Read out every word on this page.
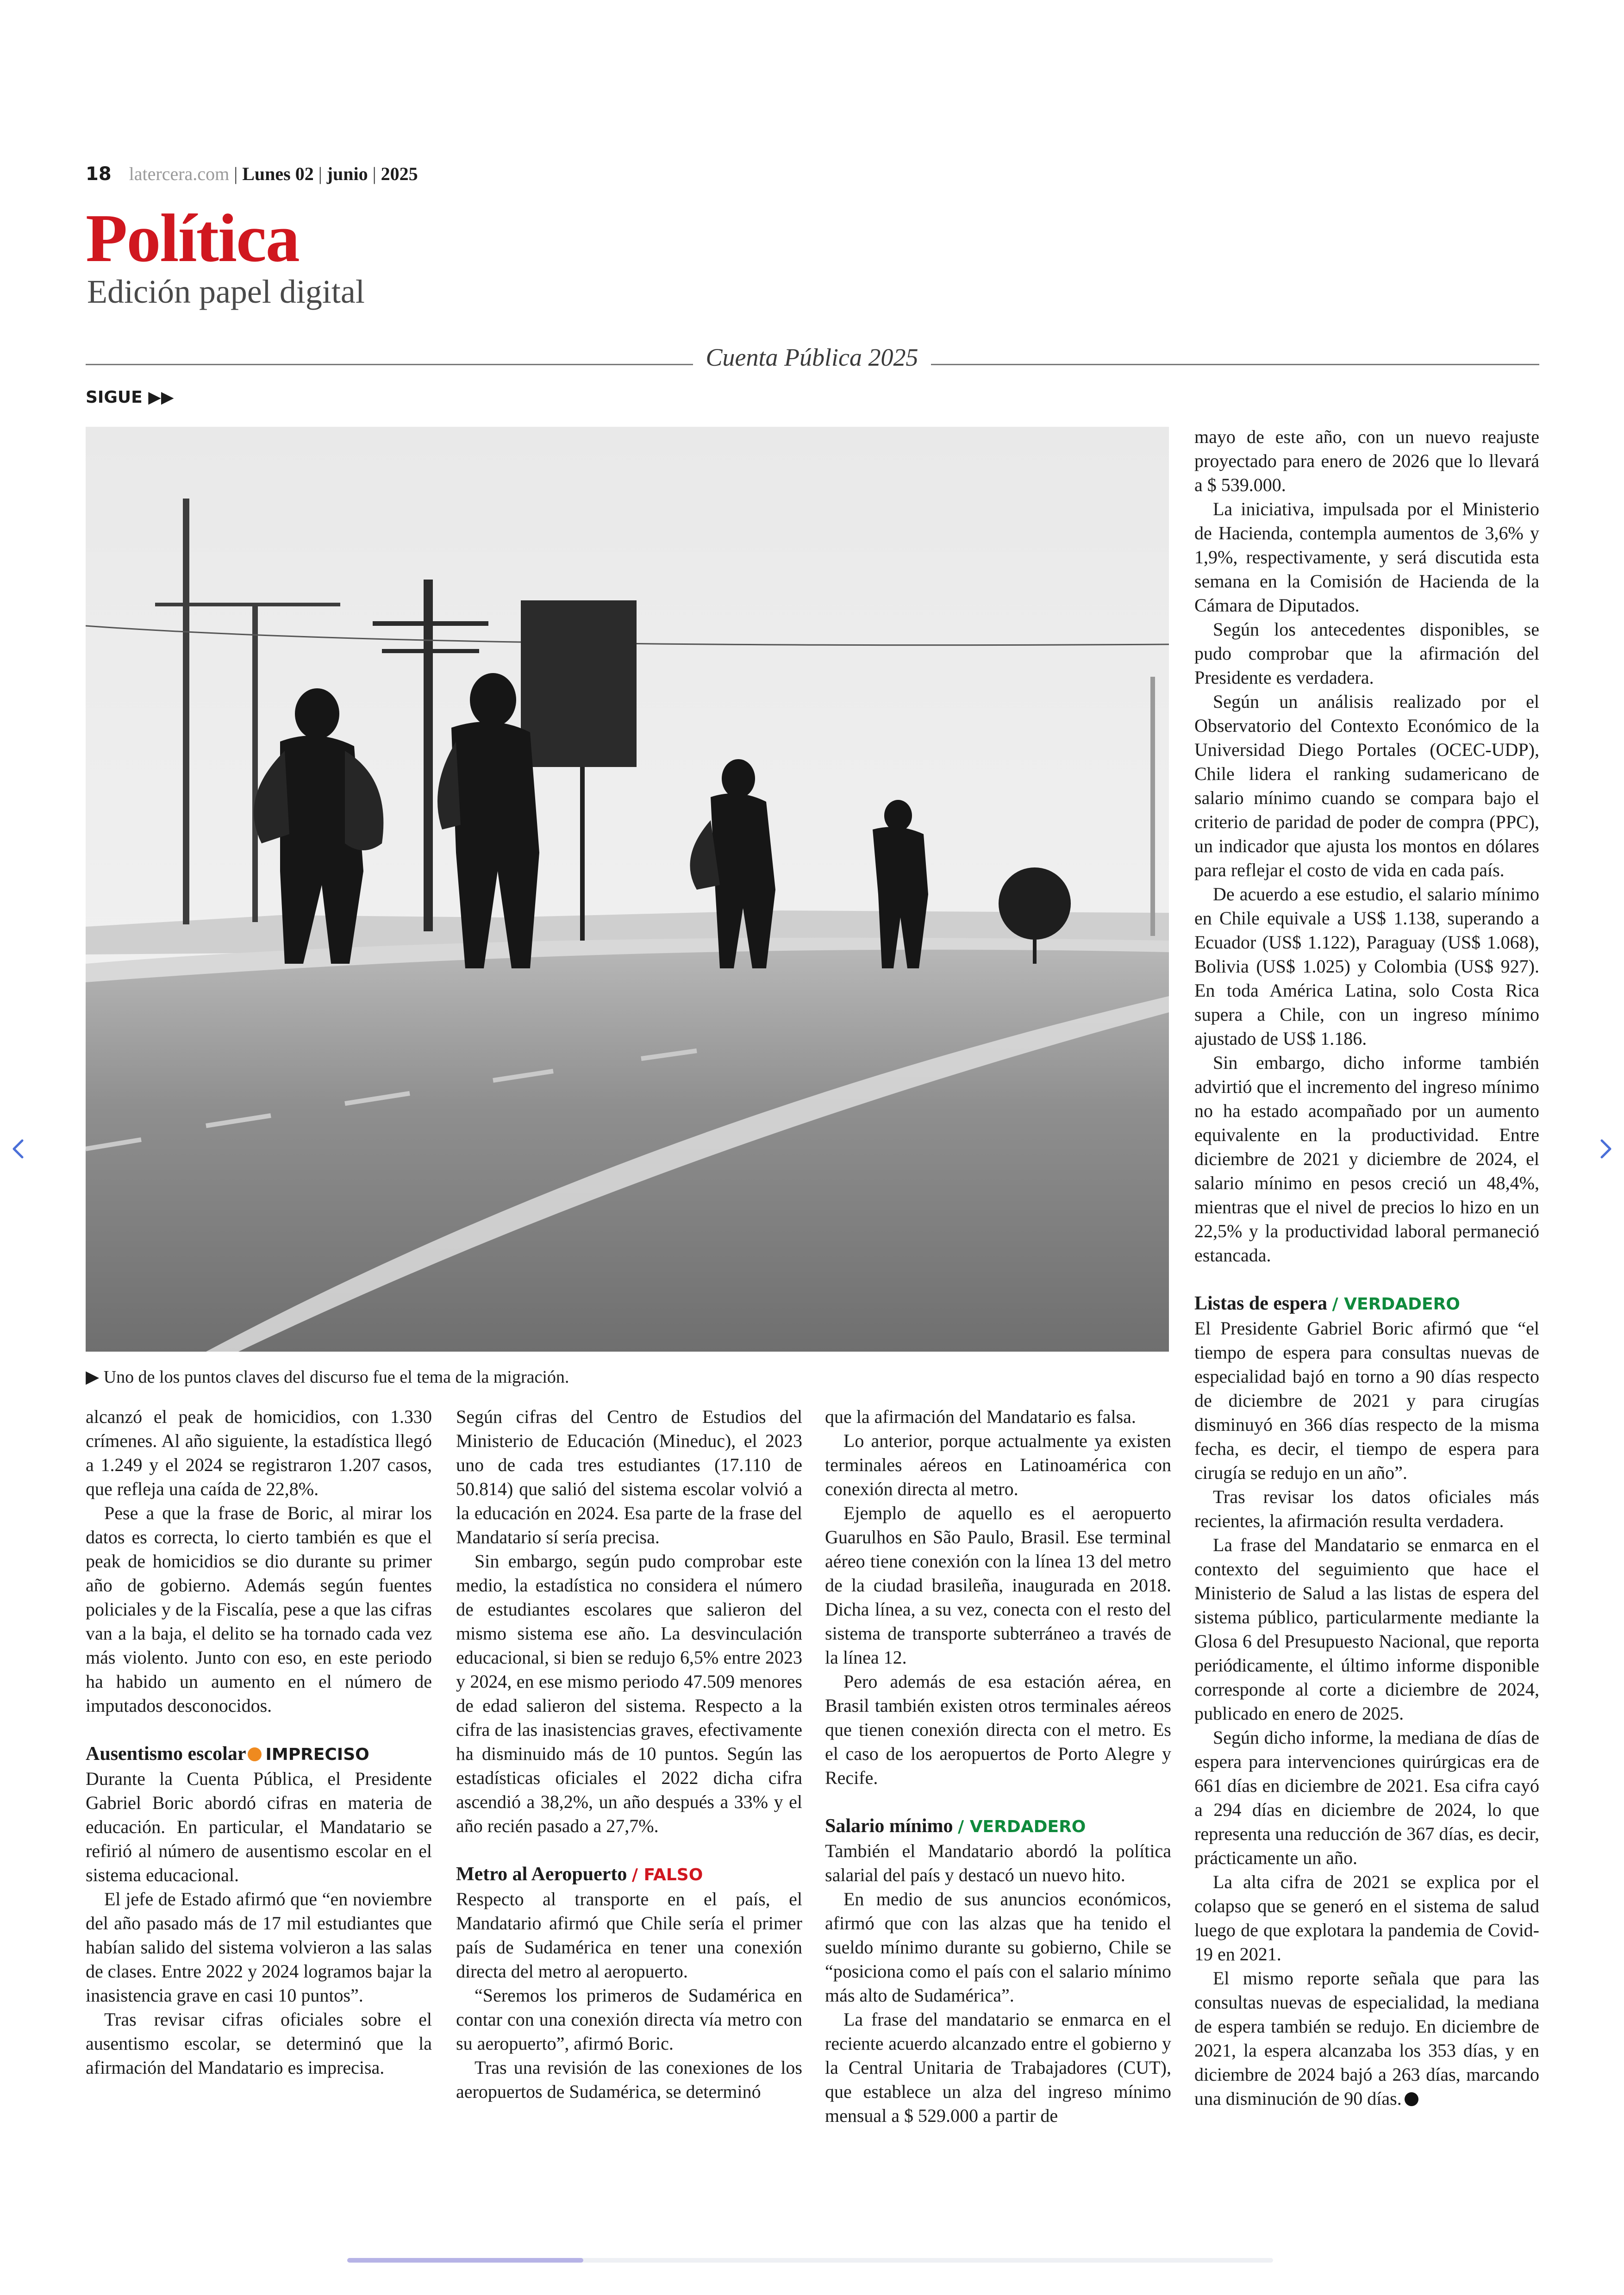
18 latercera.com | Lunes 02 | junio | 2025
Política
Edición papel digital
Cuenta Pública 2025
SIGUE ▶▶
▶ Uno de los puntos claves del discurso fue el tema de la migración.

alcanzó el peak de homicidios, con 1.330 crímenes. Al año siguiente, la estadística llegó a 1.249 y el 2024 se registraron 1.207 casos, que refleja una caída de 22,8%.

Pese a que la frase de Boric, al mirar los datos es correcta, lo cierto también es que el peak de homicidios se dio durante su primer año de gobierno. Además según fuentes policiales y de la Fiscalía, pese a que las cifras van a la baja, el delito se ha tornado cada vez más violento. Junto con eso, en este periodo ha habido un aumento en el número de imputados desconocidos.

Ausentismo escolar IMPRECISO

Durante la Cuenta Pública, el Presidente Gabriel Boric abordó cifras en materia de educación. En particular, el Mandatario se refirió al número de ausentismo escolar en el sistema educacional.

El jefe de Estado afirmó que “en noviembre del año pasado más de 17 mil estudiantes que habían salido del sistema volvieron a las salas de clases. Entre 2022 y 2024 logramos bajar la inasistencia grave en casi 10 puntos”.

Tras revisar cifras oficiales sobre el ausentismo escolar, se determinó que la afirmación del Mandatario es imprecisa.

Según cifras del Centro de Estudios del Ministerio de Educación (Mineduc), el 2023 uno de cada tres estudiantes (17.110 de 50.814) que salió del sistema escolar volvió a la educación en 2024. Esa parte de la frase del Mandatario sí sería precisa.

Sin embargo, según pudo comprobar este medio, la estadística no considera el número de estudiantes escolares que salieron del mismo sistema ese año. La desvinculación educacional, si bien se redujo 6,5% entre 2023 y 2024, en ese mismo periodo 47.509 menores de edad salieron del sistema. Respecto a la cifra de las inasistencias graves, efectivamente ha disminuido más de 10 puntos. Según las estadísticas oficiales el 2022 dicha cifra ascendió a 38,2%, un año después a 33% y el año recién pasado a 27,7%.

Metro al Aeropuerto / FALSO

Respecto al transporte en el país, el Mandatario afirmó que Chile sería el primer país de Sudamérica en tener una conexión directa del metro al aeropuerto.

“Seremos los primeros de Sudamérica en contar con una conexión directa vía metro con su aeropuerto”, afirmó Boric.

Tras una revisión de las conexiones de los aeropuertos de Sudamérica, se determinó

que la afirmación del Mandatario es falsa.

Lo anterior, porque actualmente ya existen terminales aéreos en Latinoamérica con conexión directa al metro.

Ejemplo de aquello es el aeropuerto Guarulhos en São Paulo, Brasil. Ese terminal aéreo tiene conexión con la línea 13 del metro de la ciudad brasileña, inaugurada en 2018. Dicha línea, a su vez, conecta con el resto del sistema de transporte subterráneo a través de la línea 12.

Pero además de esa estación aérea, en Brasil también existen otros terminales aéreos que tienen conexión directa con el metro. Es el caso de los aeropuertos de Porto Alegre y Recife.

Salario mínimo / VERDADERO

También el Mandatario abordó la política salarial del país y destacó un nuevo hito.

En medio de sus anuncios económicos, afirmó que con las alzas que ha tenido el sueldo mínimo durante su gobierno, Chile se “posiciona como el país con el salario mínimo más alto de Sudamérica”.

La frase del mandatario se enmarca en el reciente acuerdo alcanzado entre el gobierno y la Central Unitaria de Trabajadores (CUT), que establece un alza del ingreso mínimo mensual a $ 529.000 a partir de

mayo de este año, con un nuevo reajuste proyectado para enero de 2026 que lo llevará a $ 539.000.

La iniciativa, impulsada por el Ministerio de Hacienda, contempla aumentos de 3,6% y 1,9%, respectivamente, y será discutida esta semana en la Comisión de Hacienda de la Cámara de Diputados.

Según los antecedentes disponibles, se pudo comprobar que la afirmación del Presidente es verdadera.

Según un análisis realizado por el Observatorio del Contexto Económico de la Universidad Diego Portales (OCEC-UDP), Chile lidera el ranking sudamericano de salario mínimo cuando se compara bajo el criterio de paridad de poder de compra (PPC), un indicador que ajusta los montos en dólares para reflejar el costo de vida en cada país.

De acuerdo a ese estudio, el salario mínimo en Chile equivale a US$ 1.138, superando a Ecuador (US$ 1.122), Paraguay (US$ 1.068), Bolivia (US$ 1.025) y Colombia (US$ 927). En toda América Latina, solo Costa Rica supera a Chile, con un ingreso mínimo ajustado de US$ 1.186.

Sin embargo, dicho informe también advirtió que el incremento del ingreso mínimo no ha estado acompañado por un aumento equivalente en la productividad. Entre diciembre de 2021 y diciembre de 2024, el salario mínimo en pesos creció un 48,4%, mientras que el nivel de precios lo hizo en un 22,5% y la productividad laboral permaneció estancada.

Listas de espera / VERDADERO

El Presidente Gabriel Boric afirmó que “el tiempo de espera para consultas nuevas de especialidad bajó en torno a 90 días respecto de diciembre de 2021 y para cirugías disminuyó en 366 días respecto de la misma fecha, es decir, el tiempo de espera para cirugía se redujo en un año”.

Tras revisar los datos oficiales más recientes, la afirmación resulta verdadera.

La frase del Mandatario se enmarca en el contexto del seguimiento que hace el Ministerio de Salud a las listas de espera del sistema público, particularmente mediante la Glosa 6 del Presupuesto Nacional, que reporta periódicamente, el último informe disponible corresponde al corte a diciembre de 2024, publicado en enero de 2025.

Según dicho informe, la mediana de días de espera para intervenciones quirúrgicas era de 661 días en diciembre de 2021. Esa cifra cayó a 294 días en diciembre de 2024, lo que representa una reducción de 367 días, es decir, prácticamente un año.

La alta cifra de 2021 se explica por el colapso que se generó en el sistema de salud luego de que explotara la pandemia de Covid-19 en 2021.

El mismo reporte señala que para las consultas nuevas de especialidad, la mediana de espera también se redujo. En diciembre de 2021, la espera alcanzaba los 353 días, y en diciembre de 2024 bajó a 263 días, marcando una disminución de 90 días.
